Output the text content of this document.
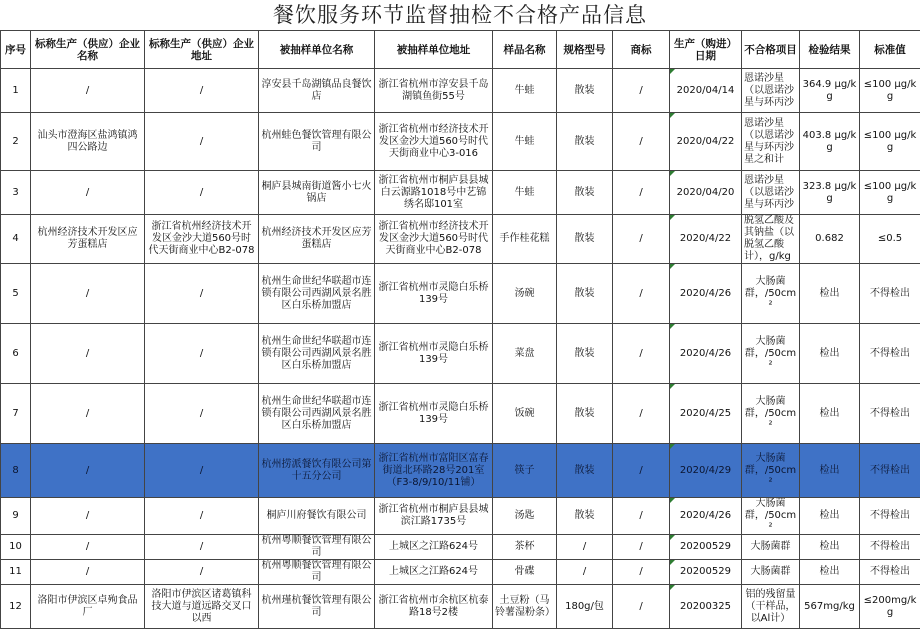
餐饮服务环节监督抽检不合格产品信息
序号	标称生产（供应）企业名称	标称生产（供应）企业地址	被抽样单位名称	被抽样单位地址	样品名称	规格型号	商标	生产（购进）日期	不合格项目	检验结果	标准值
1	/	/	淳安县千岛湖镇品良餐饮店	浙江省杭州市淳安县千岛湖镇鱼街55号	牛蛙	散装	/	2020/04/14	恩诺沙星（以恩诺沙星与环丙沙	364.9 μg/kg	≤100 μg/kg
2	汕头市澄海区盐鸿镇鸿四公路边	/	杭州蛙色餐饮管理有限公司	浙江省杭州市经济技术开发区金沙大道560号时代天街商业中心3-016	牛蛙	散装	/	2020/04/22	恩诺沙星（以恩诺沙星与环丙沙星之和计	403.8 μg/kg	≤100 μg/kg
3	/	/	桐庐县城南街道酱小七火锅店	浙江省杭州市桐庐县县城白云源路1018号中艺锦绣名邸101室	牛蛙	散装	/	2020/04/20	恩诺沙星（以恩诺沙星与环丙沙	323.8 μg/kg	≤100 μg/kg
4	杭州经济技术开发区应芳蛋糕店	浙江省杭州经济技术开发区金沙大道560号时代天街商业中心B2-078	杭州经济技术开发区应芳蛋糕店	浙江省杭州市经济技术开发区金沙大道560号时代天街商业中心B2-078	手作桂花糕	散装	/	2020/4/22	脱氢乙酸及其钠盐（以脱氢乙酸计），g/kg	0.682	≤0.5
5	/	/	杭州生命世纪华联超市连锁有限公司西湖风景名胜区白乐桥加盟店	浙江省杭州市灵隐白乐桥139号	汤碗	散装	/	2020/4/26	大肠菌群，/50cm²	检出	不得检出
6	/	/	杭州生命世纪华联超市连锁有限公司西湖风景名胜区白乐桥加盟店	浙江省杭州市灵隐白乐桥139号	菜盘	散装	/	2020/4/26	大肠菌群，/50cm²	检出	不得检出
7	/	/	杭州生命世纪华联超市连锁有限公司西湖风景名胜区白乐桥加盟店	浙江省杭州市灵隐白乐桥139号	饭碗	散装	/	2020/4/25	大肠菌群，/50cm²	检出	不得检出
8	/	/	杭州捞派餐饮有限公司第十五分公司	浙江省杭州市富阳区富春街道北环路28号201室（F3-8/9/10/11铺）	筷子	散装	/	2020/4/29	大肠菌群，/50cm²	检出	不得检出
9	/	/	桐庐川府餐饮有限公司	浙江省杭州市桐庐县县城滨江路1735号	汤匙	散装	/	2020/4/26	大肠菌群，/50cm²	检出	不得检出
10	/	/	杭州粤顺餐饮管理有限公司	上城区之江路624号	茶杯	/	/	20200529	大肠菌群	检出	不得检出
11	/	/	杭州粤顺餐饮管理有限公司	上城区之江路624号	骨碟	/	/	20200529	大肠菌群	检出	不得检出
12	洛阳市伊滨区卓殉食品厂	洛阳市伊滨区诸葛镇科技大道与道远路交叉口以西	杭州瑾杭餐饮管理有限公司	浙江省杭州市余杭区杭泰路18号2楼	土豆粉（马铃薯湿粉条）	180g/包	/	20200325	铝的残留量（干样品，以Al计）	567mg/kg	≤200mg/kg
